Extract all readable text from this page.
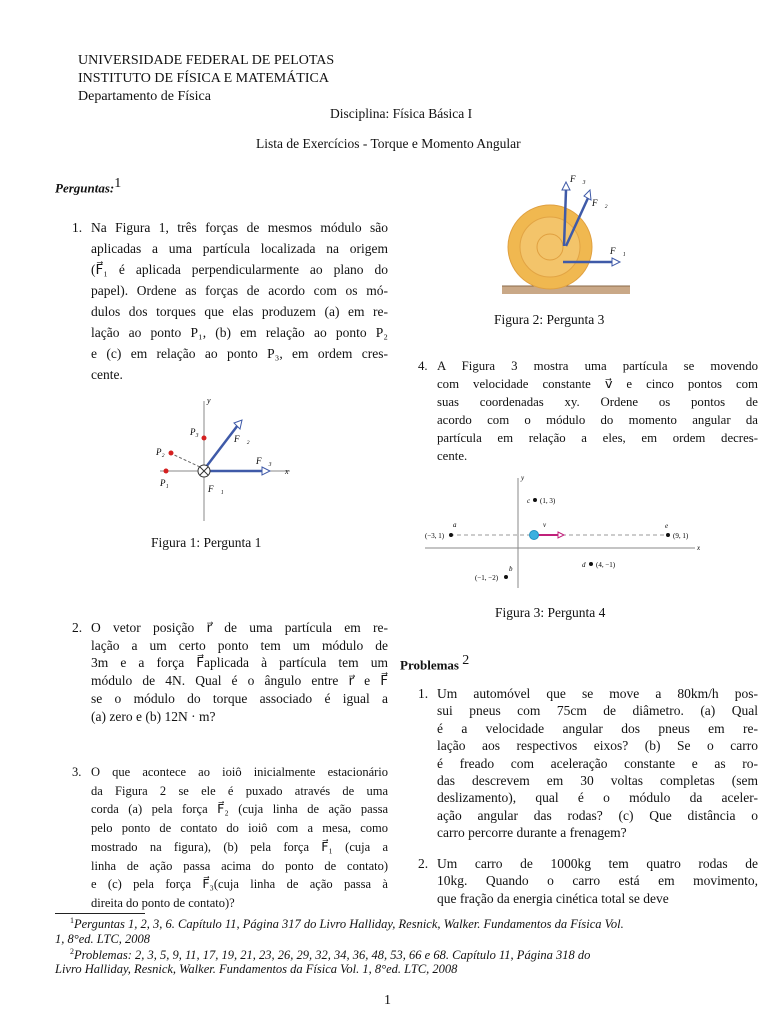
UNIVERSIDADE FEDERAL DE PELOTAS
INSTITUTO DE FÍSICA E MATEMÁTICA
Departamento de Física
Disciplina: Física Básica I
Lista de Exercícios - Torque e Momento Angular
Perguntas:$^1$
Problemas $^2$
1. Na Figura 1, três forças de mesmos módulo são
aplicadas a uma partícula localizada na origem
(F⃗₁ é aplicada perpendicularmente ao plano do
papel). Ordene as forças de acordo com os mó-
dulos dos torques que elas produzem (a) em re-
lação ao ponto P₁, (b) em relação ao ponto P₂
e (c) em relação ao ponto P₃, em ordem cres-
cente.
2. O vetor posição r⃗ de uma partícula em re-
lação a um certo ponto tem um módulo de
3m e a força F⃗aplicada à partícula tem um
módulo de 4N. Qual é o ângulo entre r⃗ e F⃗
se o módulo do torque associado é igual a
(a) zero e (b) 12N · m?
3. O que acontece ao ioiô inicialmente estacionário
da Figura 2 se ele é puxado através de uma
corda (a) pela força F⃗₂ (cuja linha de ação passa
pelo ponto de contato do ioiô com a mesa, como
mostrado na figura), (b) pela força F⃗₁ (cuja a
linha de ação passa acima do ponto de contato)
e (c) pela força F⃗₃(cuja linha de ação passa à
direita do ponto de contato)?
4. A Figura 3 mostra uma partícula se movendo
com velocidade constante v⃗ e cinco pontos com
suas coordenadas xy. Ordene os pontos de
acordo com o módulo do momento angular da
partícula em relação a eles, em ordem decres-
cente.
1. Um automóvel que se move a 80km/h pos-
sui pneus com 75cm de diâmetro. (a) Qual
é a velocidade angular dos pneus em re-
lação aos respectivos eixos? (b) Se o carro
é freado com aceleração constante e as ro-
das descrevem em 30 voltas completas (sem
deslizamento), qual é o módulo da aceler-
ação angular das rodas? (c) Que distância o
carro percorre durante a frenagem?
2. Um carro de 1000kg tem quatro rodas de
10kg. Quando o carro está em movimento,
que fração da energia cinética total se deve
$^1$Perguntas 1, 2, 3, 6. Capítulo 11, Página 317 do Livro Halliday, Resnick, Walker. Fundamentos da Física Vol.
1, 8°ed. LTC, 2008
$^2$Problemas: 2, 3, 5, 9, 11, 17, 19, 21, 23, 26, 29, 32, 34, 36, 48, 53, 66 e 68. Capítulo 11, Página 318 do
Livro Halliday, Resnick, Walker. Fundamentos da Física Vol. 1, 8°ed. LTC, 2008
y
x
P₃
P₂
P₁
F⃗₂
F⃗₃
F⃗₁
Figura 1: Pergunta 1
F⃗₃
F⃗₂
F⃗₁
Figura 2: Pergunta 3
y
x
v⃗
a
(−3, 1)
b
(−1, −2)
c (1, 3)
d (4, −1)
e
(9, 1)
Figura 3: Pergunta 4
1
